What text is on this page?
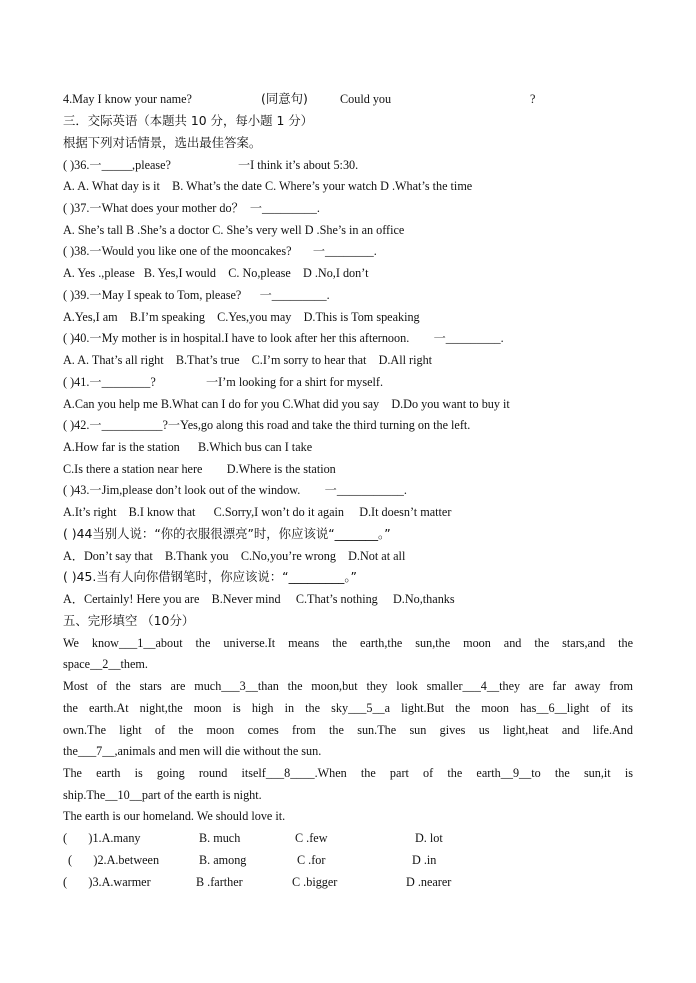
4.May I know your name?	(同意句)	Could you	?
三．交际英语（本题共 10 分，每小题 1 分）
根据下列对话情景，选出最佳答案。
( )36.一_____,please?	一I think it’s about 5:30.
A. A. What day is it    B. What’s the date C. Where’s your watch D .What’s the time
( )37.一What does your mother do？  一_________.
A. She’s tall B .She’s a doctor C. She’s very well D .She’s in an office
( )38.一Would you like one of the mooncakes?       一________.
A. Yes .,please   B. Yes,I would    C. No,please    D .No,I don’t
( )39.一May I speak to Tom, please?      一_________.
A.Yes,I am    B.I’m speaking    C.Yes,you may    D.This is Tom speaking
( )40.一My mother is in hospital.I have to look after her this afternoon.        一_________.
A. A. That’s all right    B.That’s true    C.I’m sorry to hear that    D.All right
( )41.一________?	一I’m looking for a shirt for myself.
A.Can you help me B.What can I do for you C.What did you say    D.Do you want to buy it
( )42.一__________?一Yes,go along this road and take the third turning on the left.
A.How far is the station      B.Which bus can I take
C.Is there a station near here        D.Where is the station
( )43.一Jim,please don’t look out of the window.        一___________.
A.It’s right    B.I know that      C.Sorry,I won’t do it again     D.It doesn’t matter
( )44当别人说：“你的衣服很漂亮”时，你应该说“_______。”
A．Don’t say that    B.Thank you    C.No,you’re wrong    D.Not at all
( )45.当有人向你借钢笔时，你应该说：“_________。”
A．Certainly! Here you are    B.Never mind     C.That’s nothing     D.No,thanks
五、完形填空 （10分）
We know___1__about the universe.It means the earth,the sun,the moon and the stars,and the
space__2__them.
Most of the stars are much___3__than the moon,but they look smaller___4__they are far away from
the earth.At night,the moon is high in the sky___5__a light.But the moon has__6__light of its
own.The light of the moon comes from the sun.The sun gives us light,heat and life.And
the___7__,animals and men will die without the sun.
The earth is going round itself___8____.When the part of the earth__9__to the sun,it is
ship.The__10__part of the earth is night.
The earth is our homeland. We should love it.
(       )1.A.many	B. much	C .few	D. lot
(       )2.A.between	B. among	C .for	D .in
(       )3.A.warmer	B .farther	C .bigger	D .nearer
